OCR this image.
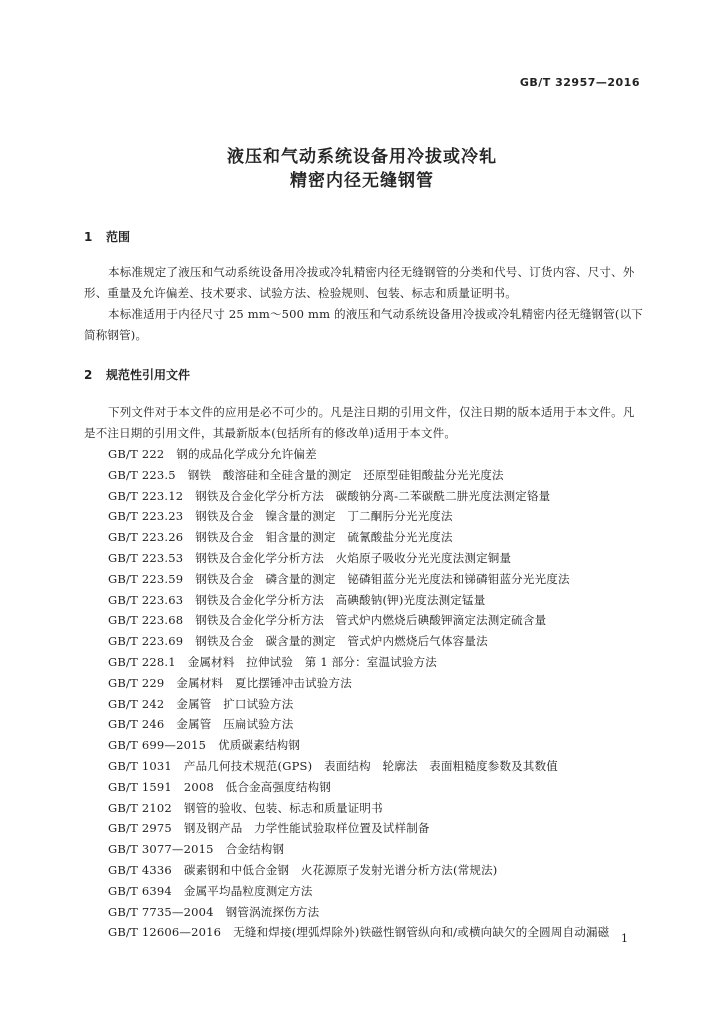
GB/T 32957—2016
液压和气动系统设备用冷拔或冷轧
精密内径无缝钢管
1 范围
本标准规定了液压和气动系统设备用冷拔或冷轧精密内径无缝钢管的分类和代号、订货内容、尺寸、外形、重量及允许偏差、技术要求、试验方法、检验规则、包装、标志和质量证明书。
本标准适用于内径尺寸 25 mm～500 mm 的液压和气动系统设备用冷拔或冷轧精密内径无缝钢管(以下简称钢管)。
2 规范性引用文件
下列文件对于本文件的应用是必不可少的。凡是注日期的引用文件，仅注日期的版本适用于本文件。凡是不注日期的引用文件，其最新版本(包括所有的修改单)适用于本文件。
GB/T 222 钢的成品化学成分允许偏差
GB/T 223.5 钢铁　酸溶硅和全硅含量的测定　还原型硅钼酸盐分光光度法
GB/T 223.12 钢铁及合金化学分析方法　碳酸钠分离-二苯碳酰二肼光度法测定铬量
GB/T 223.23 钢铁及合金　镍含量的测定　丁二酮肟分光光度法
GB/T 223.26 钢铁及合金　钼含量的测定　硫氰酸盐分光光度法
GB/T 223.53 钢铁及合金化学分析方法　火焰原子吸收分光光度法测定铜量
GB/T 223.59 钢铁及合金　磷含量的测定　铋磷钼蓝分光光度法和锑磷钼蓝分光光度法
GB/T 223.63 钢铁及合金化学分析方法　高碘酸钠(钾)光度法测定锰量
GB/T 223.68 钢铁及合金化学分析方法　管式炉内燃烧后碘酸钾滴定法测定硫含量
GB/T 223.69 钢铁及合金　碳含量的测定　管式炉内燃烧后气体容量法
GB/T 228.1 金属材料　拉伸试验　第 1 部分：室温试验方法
GB/T 229 金属材料　夏比摆锤冲击试验方法
GB/T 242 金属管　扩口试验方法
GB/T 246 金属管　压扁试验方法
GB/T 699—2015 优质碳素结构钢
GB/T 1031 产品几何技术规范(GPS)　表面结构　轮廓法　表面粗糙度参数及其数值
GB/T 1591 2008　低合金高强度结构钢
GB/T 2102 钢管的验收、包装、标志和质量证明书
GB/T 2975 钢及钢产品　力学性能试验取样位置及试样制备
GB/T 3077—2015 合金结构钢
GB/T 4336 碳素钢和中低合金钢　火花源原子发射光谱分析方法(常规法)
GB/T 6394 金属平均晶粒度测定方法
GB/T 7735—2004 钢管涡流探伤方法
GB/T 12606—2016 无缝和焊接(埋弧焊除外)铁磁性钢管纵向和/或横向缺欠的全圆周自动漏磁 1
